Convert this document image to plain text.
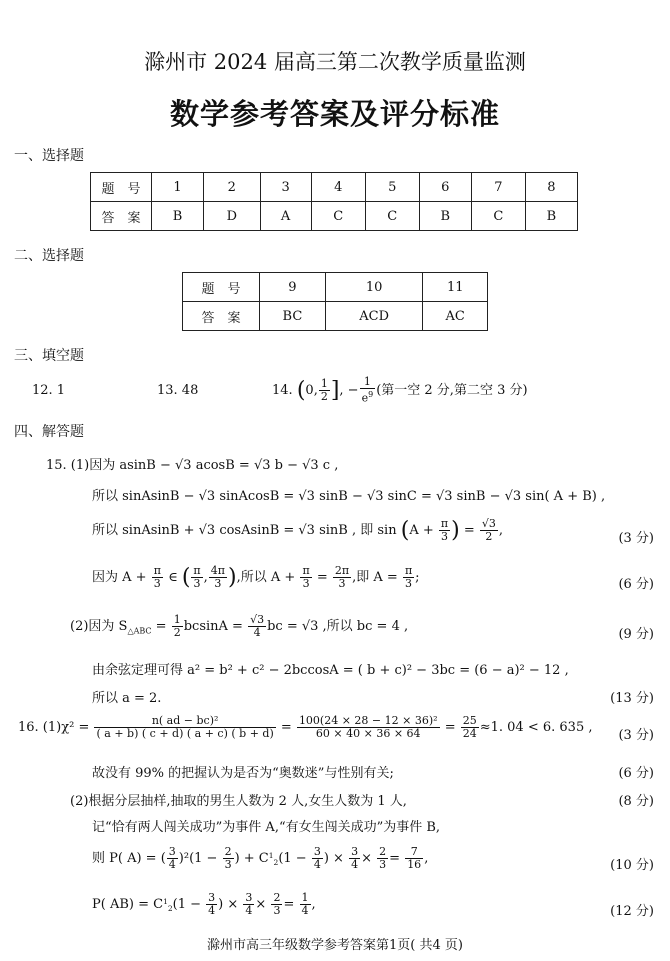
滁州市 2024 届高三第二次教学质量监测
数学参考答案及评分标准
一、选择题
题　号	1	2	3	4	5	6	7	8
答　案	B	D	A	C	C	B	C	B
二、选择题
题　号	9	10	11
答　案	BC	ACD	AC
三、填空题
12. 1	13. 48	14. (0, $\frac{1}{2}$ ], − $\frac{1}{e^9}$ (第一空 2 分,第二空 3 分)
四、解答题
15. (1)因为 asinB − √3 acosB = √3 b − √3 c ,
所以 sinAsinB − √3 sinAcosB = √3 sinB − √3 sinC = √3 sinB − √3 sin( A + B) ,
所以 sinAsinB + √3 cosAsinB = √3 sinB , 即 $\sin (A + \frac{\pi}{3}$ ) = $\frac{√3}{2}$ ,
(3 分)
因为 $A + \frac{\pi}{3}$ ∈ ( $\frac{\pi}{3}$ , $\frac{4\pi}{3}$ ),所以 $A + \frac{\pi}{3} = \frac{2\pi}{3}$ ,即 $A = \frac{\pi}{3}$ ;	(6 分)
(2)因为 $S_{\triangle ABC} = \frac{1}{2}$ $bcsinA = \frac{√3}{4}$ bc = √3 ,所以 bc = 4 ,
(9 分)
由余弦定理可得 a² = b² + c² − 2bccosA = ( b + c)² − 3bc = (6 − a)² − 12 ,
所以 a = 2.	(13 分)
16. $(1)\chi^2 = \frac{\text{n( ad − bc)²}}{( a + b) ( c + d) ( a + c) ( b + d)} = \frac{\text{100(24 × 28 − 12 × 36)²}}{60 \times 40 \times 36 \times 64} = \frac{25}{24} \approx 1$. 04 < 6. 635 ,
(3 分)
故没有 99% 的把握认为是否为“奥数迷”与性别有关;	(6 分)
(2)根据分层抽样,抽取的男生人数为 2 人,女生人数为 1 人,	(8 分)
记“恰有两人闯关成功”为事件 A,“有女生闯关成功”为事件 B,
则 P( A) = ( $\frac{3}{4} )^2(1 - \frac{2}{3}$ ) + $C^1_2(1 - \frac{3}{4}$ ) × $\frac{3}{4} \times \frac{2}{3} = \frac{7}{16}$ ,	(10 分)
P( $AB) = C^1_2(1 - \frac{3}{4}$ ) × $\frac{3}{4} \times \frac{2}{3} = \frac{1}{4}$ ,	(12 分)
滁州市高三年级数学参考答案第1页( 共4 页)
